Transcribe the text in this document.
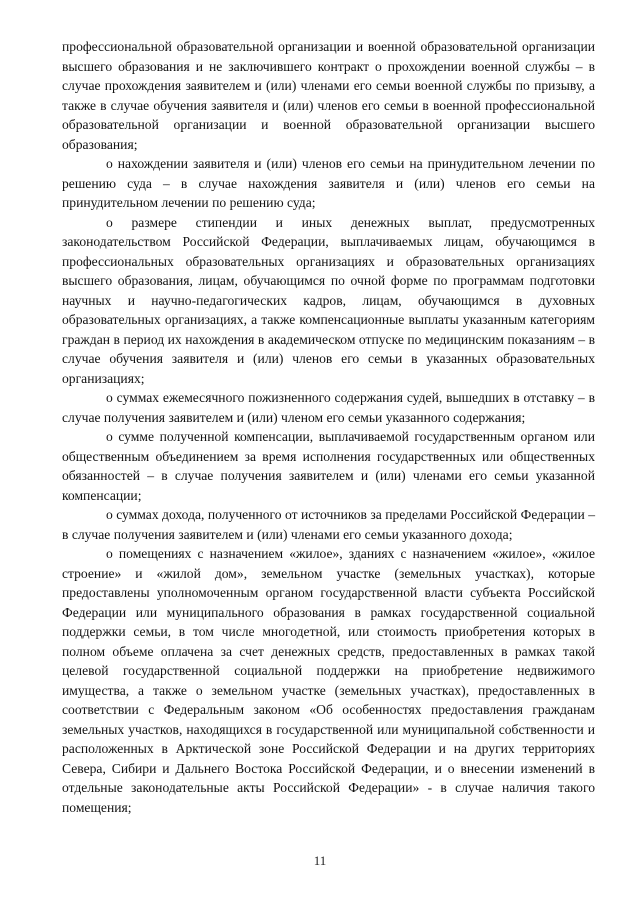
профессиональной образовательной организации и военной образовательной организации высшего образования и не заключившего контракт о прохождении военной службы – в случае прохождения заявителем и (или) членами его семьи военной службы по призыву, а также в случае обучения заявителя и (или) членов его семьи в военной профессиональной образовательной организации и военной образовательной организации высшего образования;

о нахождении заявителя и (или) членов его семьи на принудительном лечении по решению суда – в случае нахождения заявителя и (или) членов его семьи на принудительном лечении по решению суда;

о размере стипендии и иных денежных выплат, предусмотренных законодательством Российской Федерации, выплачиваемых лицам, обучающимся в профессиональных образовательных организациях и образовательных организациях высшего образования, лицам, обучающимся по очной форме по программам подготовки научных и научно-педагогических кадров, лицам, обучающимся в духовных образовательных организациях, а также компенсационные выплаты указанным категориям граждан в период их нахождения в академическом отпуске по медицинским показаниям – в случае обучения заявителя и (или) членов его семьи в указанных образовательных организациях;

о суммах ежемесячного пожизненного содержания судей, вышедших в отставку – в случае получения заявителем и (или) членом его семьи указанного содержания;

о сумме полученной компенсации, выплачиваемой государственным органом или общественным объединением за время исполнения государственных или общественных обязанностей – в случае получения заявителем и (или) членами его семьи указанной компенсации;

о суммах дохода, полученного от источников за пределами Российской Федерации – в случае получения заявителем и (или) членами его семьи указанного дохода;

о помещениях с назначением «жилое», зданиях с назначением «жилое», «жилое строение» и «жилой дом», земельном участке (земельных участках), которые предоставлены уполномоченным органом государственной власти субъекта Российской Федерации или муниципального образования в рамках государственной социальной поддержки семьи, в том числе многодетной, или стоимость приобретения которых в полном объеме оплачена за счет денежных средств, предоставленных в рамках такой целевой государственной социальной поддержки на приобретение недвижимого имущества, а также о земельном участке (земельных участках), предоставленных в соответствии с Федеральным законом «Об особенностях предоставления гражданам земельных участков, находящихся в государственной или муниципальной собственности и расположенных в Арктической зоне Российской Федерации и на других территориях Севера, Сибири и Дальнего Востока Российской Федерации, и о внесении изменений в отдельные законодательные акты Российской Федерации» - в случае наличия такого помещения;

11
